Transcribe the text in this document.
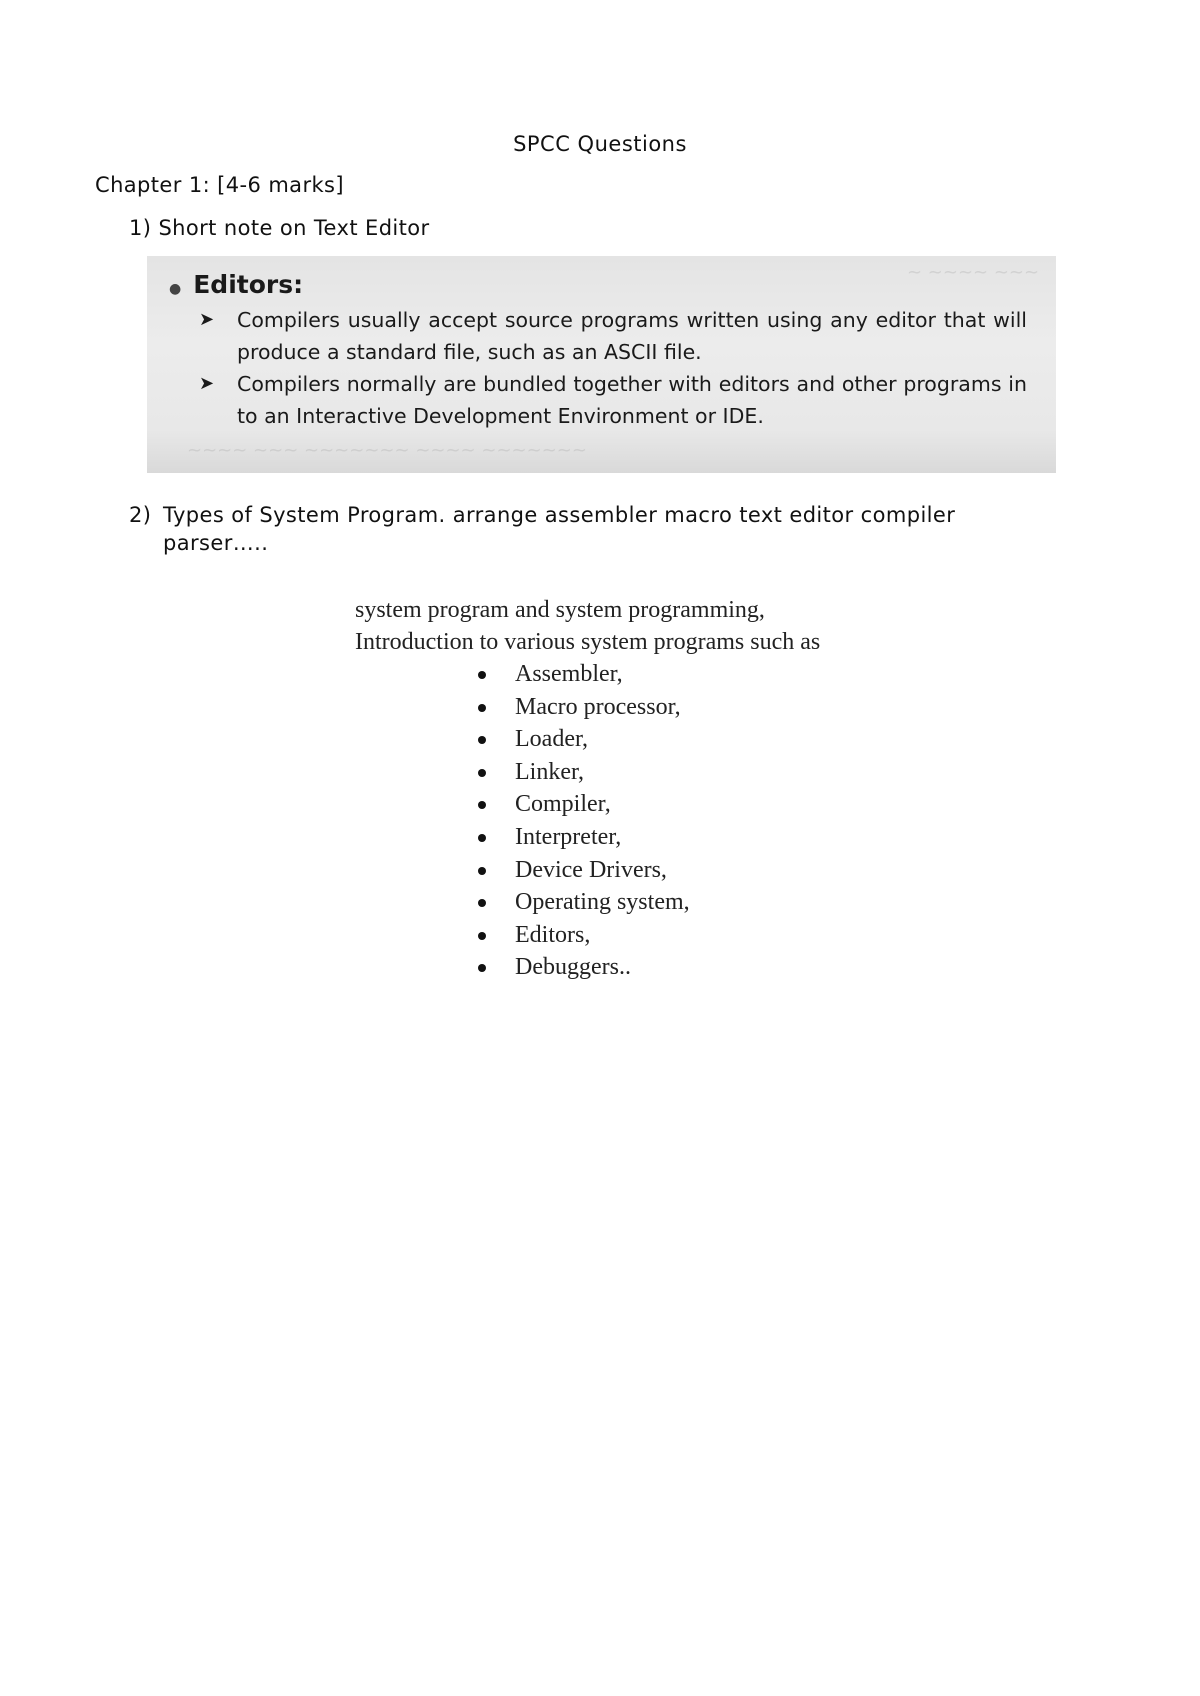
SPCC Questions
Chapter 1: [4-6 marks]
1) Short note on Text Editor
~ ~~~~ ~~~
~~~~ ~~~ ~~~~~~~ ~~~~ ~~~~~~~
● Editors:
➤ Compilers usually accept source programs written using any editor that will produce a standard file, such as an ASCII file.
➤ Compilers normally are bundled together with editors and other programs in to an Interactive Development Environment or IDE.
2) Types of System Program. arrange assembler macro text editor compiler parser…..
system program and system programming,
Introduction to various system programs such as
Assembler,
Macro processor,
Loader,
Linker,
Compiler,
Interpreter,
Device Drivers,
Operating system,
Editors,
Debuggers..
